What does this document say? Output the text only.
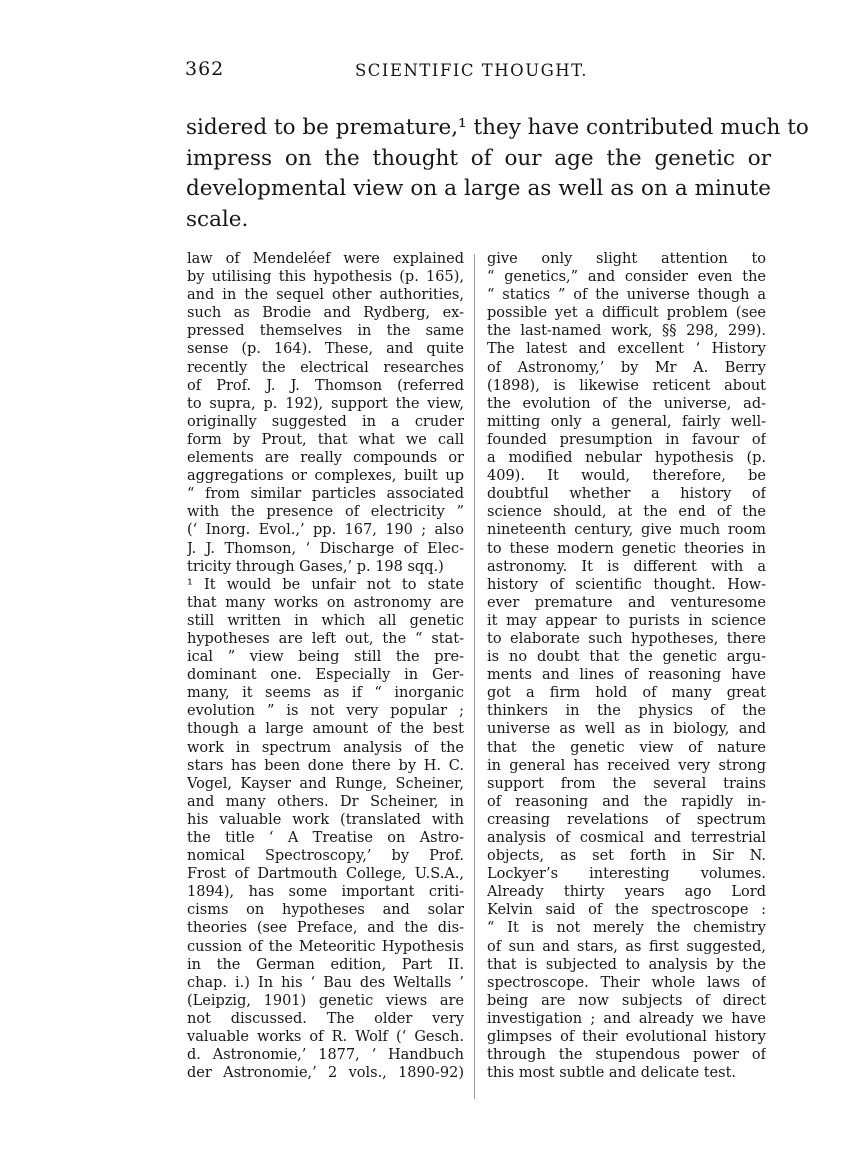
362	SCIENTIFIC THOUGHT.
sidered to be premature,¹ they have contributed much to
impress on the thought of our age the genetic or
developmental view on a large as well as on a minute
scale.
law of Mendeléef were explained
by utilising this hypothesis (p. 165),
and in the sequel other authorities,
such as Brodie and Rydberg, ex-
pressed themselves in the same
sense (p. 164). These, and quite
recently the electrical researches
of Prof. J. J. Thomson (referred
to supra, p. 192), support the view,
originally suggested in a cruder
form by Prout, that what we call
elements are really compounds or
aggregations or complexes, built up
“ from similar particles associated
with the presence of electricity ”
(‘ Inorg. Evol.,’ pp. 167, 190 ; also
J. J. Thomson, ‘ Discharge of Elec-
tricity through Gases,’ p. 198 sqq.)
¹ It would be unfair not to state
that many works on astronomy are
still written in which all genetic
hypotheses are left out, the “ stat-
ical ” view being still the pre-
dominant one. Especially in Ger-
many, it seems as if “ inorganic
evolution ” is not very popular ;
though a large amount of the best
work in spectrum analysis of the
stars has been done there by H. C.
Vogel, Kayser and Runge, Scheiner,
and many others. Dr Scheiner, in
his valuable work (translated with
the title ‘ A Treatise on Astro-
nomical Spectroscopy,’ by Prof.
Frost of Dartmouth College, U.S.A.,
1894), has some important criti-
cisms on hypotheses and solar
theories (see Preface, and the dis-
cussion of the Meteoritic Hypothesis
in the German edition, Part II.
chap. i.) In his ‘ Bau des Weltalls ’
(Leipzig, 1901) genetic views are
not discussed. The older very
valuable works of R. Wolf (‘ Gesch.
d. Astronomie,’ 1877, ‘ Handbuch
der Astronomie,’ 2 vols., 1890-92)
give only slight attention to
“ genetics,” and consider even the
“ statics ” of the universe though a
possible yet a difficult problem (see
the last-named work, §§ 298, 299).
The latest and excellent ‘ History
of Astronomy,’ by Mr A. Berry
(1898), is likewise reticent about
the evolution of the universe, ad-
mitting only a general, fairly well-
founded presumption in favour of
a modified nebular hypothesis (p.
409). It would, therefore, be
doubtful whether a history of
science should, at the end of the
nineteenth century, give much room
to these modern genetic theories in
astronomy. It is different with a
history of scientific thought. How-
ever premature and venturesome
it may appear to purists in science
to elaborate such hypotheses, there
is no doubt that the genetic argu-
ments and lines of reasoning have
got a firm hold of many great
thinkers in the physics of the
universe as well as in biology, and
that the genetic view of nature
in general has received very strong
support from the several trains
of reasoning and the rapidly in-
creasing revelations of spectrum
analysis of cosmical and terrestrial
objects, as set forth in Sir N.
Lockyer’s interesting volumes.
Already thirty years ago Lord
Kelvin said of the spectroscope :
“ It is not merely the chemistry
of sun and stars, as first suggested,
that is subjected to analysis by the
spectroscope. Their whole laws of
being are now subjects of direct
investigation ; and already we have
glimpses of their evolutional history
through the stupendous power of
this most subtle and delicate test.
